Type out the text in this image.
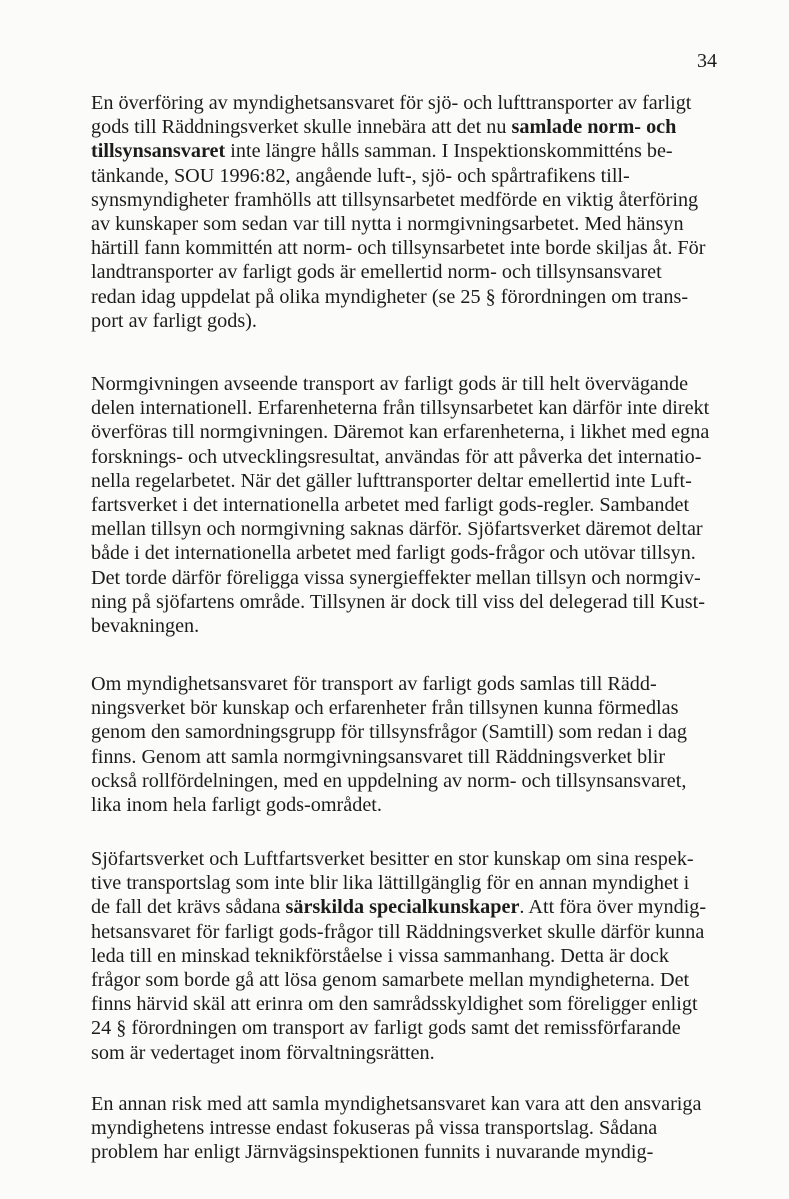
34
En överföring av myndighetsansvaret för sjö- och lufttransporter av farligt
gods till Räddningsverket skulle innebära att det nu samlade norm- och
tillsynsansvaret inte längre hålls samman. I Inspektionskommitténs be-
tänkande, SOU 1996:82, angående luft-, sjö- och spårtrafikens till-
synsmyndigheter framhölls att tillsynsarbetet medförde en viktig återföring
av kunskaper som sedan var till nytta i normgivningsarbetet. Med hänsyn
härtill fann kommittén att norm- och tillsynsarbetet inte borde skiljas åt. För
landtransporter av farligt gods är emellertid norm- och tillsynsansvaret
redan idag uppdelat på olika myndigheter (se 25 § förordningen om trans-
port av farligt gods).
Normgivningen avseende transport av farligt gods är till helt övervägande
delen internationell. Erfarenheterna från tillsynsarbetet kan därför inte direkt
överföras till normgivningen. Däremot kan erfarenheterna, i likhet med egna
forsknings- och utvecklingsresultat, användas för att påverka det internatio-
nella regelarbetet. När det gäller lufttransporter deltar emellertid inte Luft-
fartsverket i det internationella arbetet med farligt gods-regler. Sambandet
mellan tillsyn och normgivning saknas därför. Sjöfartsverket däremot deltar
både i det internationella arbetet med farligt gods-frågor och utövar tillsyn.
Det torde därför föreligga vissa synergieffekter mellan tillsyn och normgiv-
ning på sjöfartens område. Tillsynen är dock till viss del delegerad till Kust-
bevakningen.
Om myndighetsansvaret för transport av farligt gods samlas till Rädd-
ningsverket bör kunskap och erfarenheter från tillsynen kunna förmedlas
genom den samordningsgrupp för tillsynsfrågor (Samtill) som redan i dag
finns. Genom att samla normgivningsansvaret till Räddningsverket blir
också rollfördelningen, med en uppdelning av norm- och tillsynsansvaret,
lika inom hela farligt gods-området.
Sjöfartsverket och Luftfartsverket besitter en stor kunskap om sina respek-
tive transportslag som inte blir lika lättillgänglig för en annan myndighet i
de fall det krävs sådana särskilda specialkunskaper. Att föra över myndig-
hetsansvaret för farligt gods-frågor till Räddningsverket skulle därför kunna
leda till en minskad teknikförståelse i vissa sammanhang. Detta är dock
frågor som borde gå att lösa genom samarbete mellan myndigheterna. Det
finns härvid skäl att erinra om den samrådsskyldighet som föreligger enligt
24 § förordningen om transport av farligt gods samt det remissförfarande
som är vedertaget inom förvaltningsrätten.
En annan risk med att samla myndighetsansvaret kan vara att den ansvariga
myndighetens intresse endast fokuseras på vissa transportslag. Sådana
problem har enligt Järnvägsinspektionen funnits i nuvarande myndig-
